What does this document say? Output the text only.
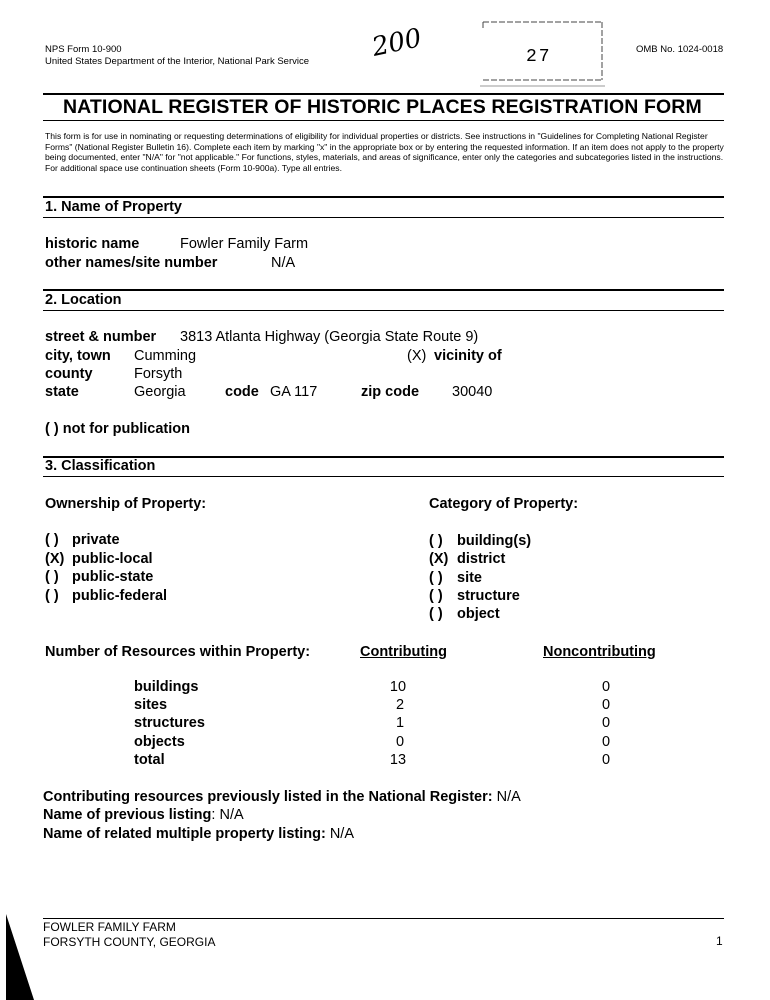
NPS Form 10-900
United States Department of the Interior, National Park Service
OMB No. 1024-0018
200	27
NATIONAL REGISTER OF HISTORIC PLACES REGISTRATION FORM
This form is for use in nominating or requesting determinations of eligibility for individual properties or districts. See instructions in "Guidelines for Completing National Register Forms" (National Register Bulletin 16). Complete each item by marking "x" in the appropriate box or by entering the requested information. If an item does not apply to the property being documented, enter "N/A" for "not applicable." For functions, styles, materials, and areas of significance, enter only the categories and subcategories listed in the instructions. For additional space use continuation sheets (Form 10-900a). Type all entries.
1. Name of Property
historic name	Fowler Family Farm
other names/site number	N/A
2. Location
street & number 3813 Atlanta Highway (Georgia State Route 9)
city, town Cumming	(X) vicinity of
county	Forsyth
state	Georgia	code GA 117	zip code 30040
( ) not for publication
3. Classification
Ownership of Property:	Category of Property:
( ) private
(X) public-local
( ) public-state
( ) public-federal
( ) building(s)
(X) district
( ) site
( ) structure
( ) object
Number of Resources within Property:	Contributing	Noncontributing
buildings	10	0
sites	2	0
structures	1	0
objects	0	0
total	13	0
Contributing resources previously listed in the National Register: N/A
Name of previous listing: N/A
Name of related multiple property listing: N/A
FOWLER FAMILY FARM
FORSYTH COUNTY, GEORGIA	1
